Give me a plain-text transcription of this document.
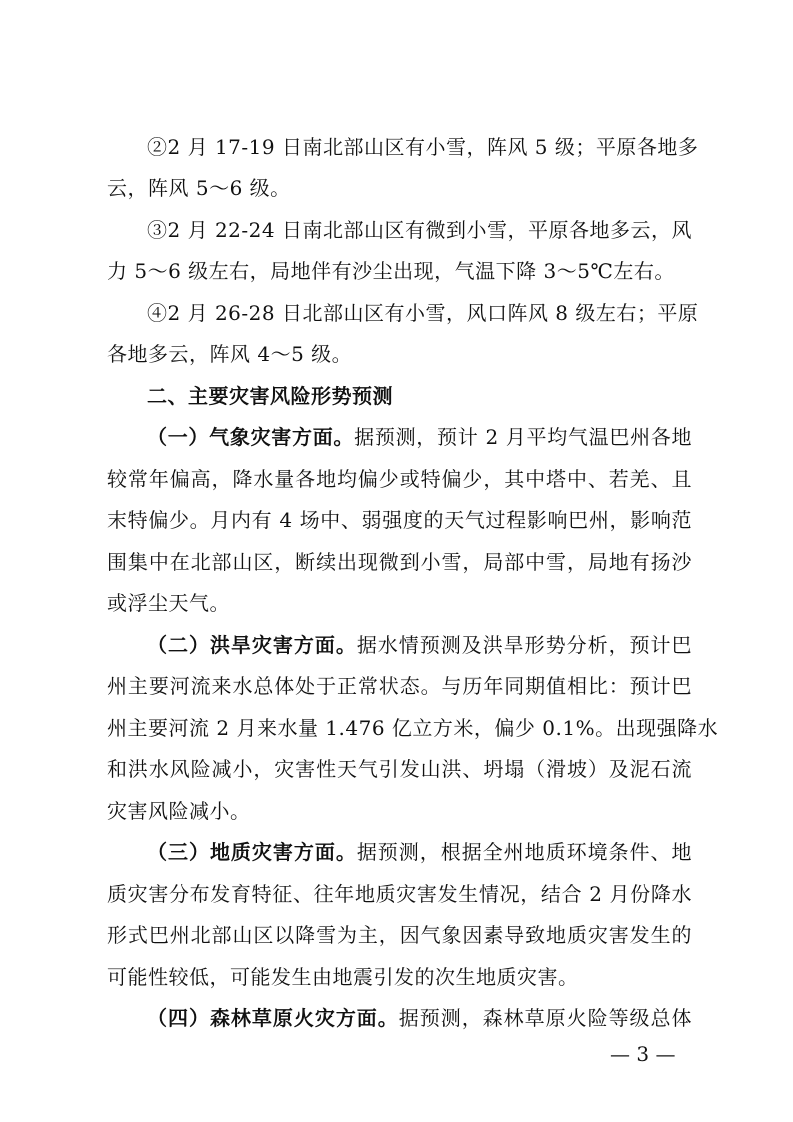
②2 月 17-19 日南北部山区有小雪，阵风 5 级；平原各地多
云，阵风 5～6 级。
③2 月 22-24 日南北部山区有微到小雪，平原各地多云，风
力 5～6 级左右，局地伴有沙尘出现，气温下降 3～5℃左右。
④2 月 26-28 日北部山区有小雪，风口阵风 8 级左右；平原
各地多云，阵风 4～5 级。
二、主要灾害风险形势预测
（一）气象灾害方面。据预测，预计 2 月平均气温巴州各地
较常年偏高，降水量各地均偏少或特偏少，其中塔中、若羌、且
末特偏少。月内有 4 场中、弱强度的天气过程影响巴州，影响范
围集中在北部山区，断续出现微到小雪，局部中雪，局地有扬沙
或浮尘天气。
（二）洪旱灾害方面。据水情预测及洪旱形势分析，预计巴
州主要河流来水总体处于正常状态。与历年同期值相比：预计巴
州主要河流 2 月来水量 1.476 亿立方米，偏少 0.1%。出现强降水
和洪水风险减小，灾害性天气引发山洪、坍塌（滑坡）及泥石流
灾害风险减小。
（三）地质灾害方面。据预测，根据全州地质环境条件、地
质灾害分布发育特征、往年地质灾害发生情况，结合 2 月份降水
形式巴州北部山区以降雪为主，因气象因素导致地质灾害发生的
可能性较低，可能发生由地震引发的次生地质灾害。
（四）森林草原火灾方面。据预测，森林草原火险等级总体
— 3 —
